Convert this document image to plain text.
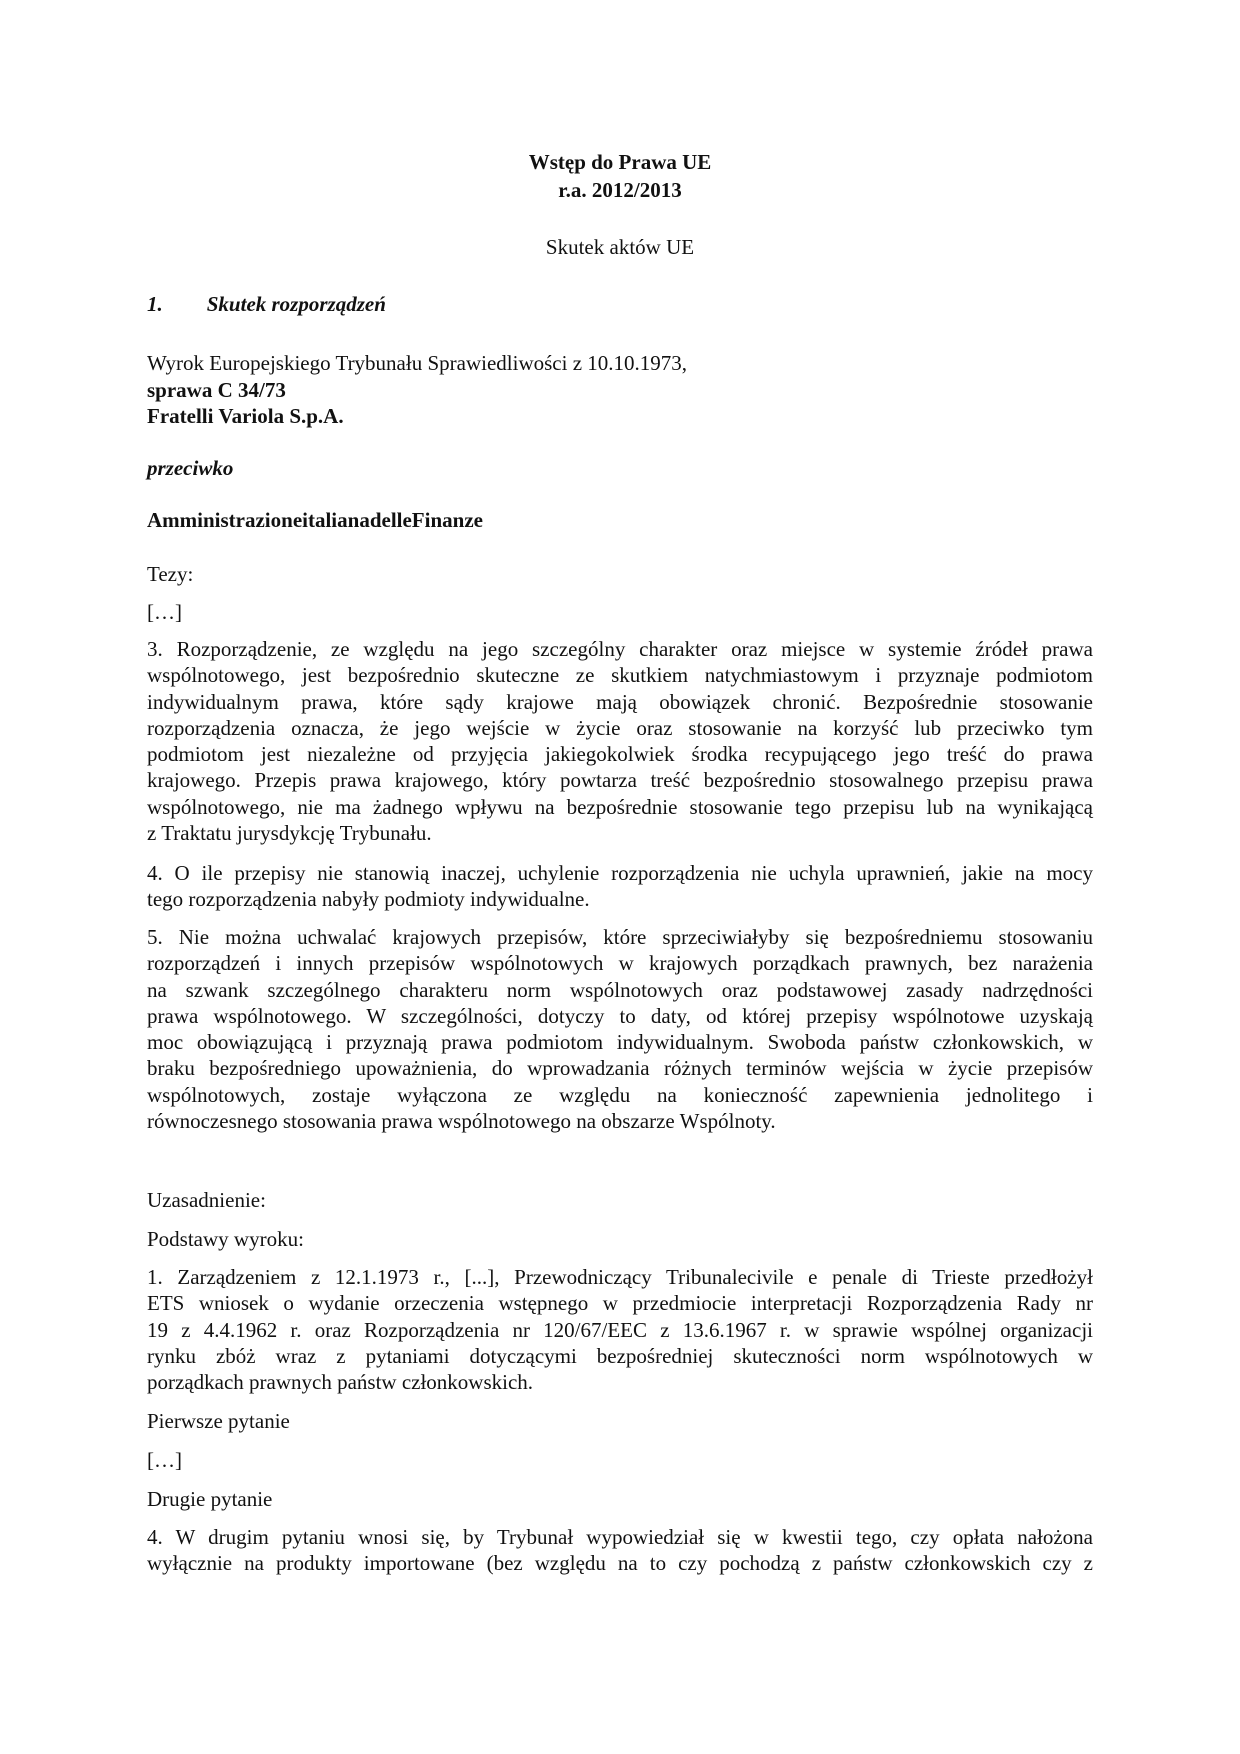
Wstęp do Prawa UE
r.a. 2012/2013
Skutek aktów UE
1. Skutek rozporządzeń
Wyrok Europejskiego Trybunału Sprawiedliwości z 10.10.1973,
sprawa C 34/73
Fratelli Variola S.p.A.
przeciwko
AmministrazioneitalianadelleFinanze
Tezy:
[…]
3. Rozporządzenie, ze względu na jego szczególny charakter oraz miejsce w systemie źródeł prawa
wspólnotowego, jest bezpośrednio skuteczne ze skutkiem natychmiastowym i przyznaje podmiotom
indywidualnym prawa, które sądy krajowe mają obowiązek chronić. Bezpośrednie stosowanie
rozporządzenia oznacza, że jego wejście w życie oraz stosowanie na korzyść lub przeciwko tym
podmiotom jest niezależne od przyjęcia jakiegokolwiek środka recypującego jego treść do prawa
krajowego. Przepis prawa krajowego, który powtarza treść bezpośrednio stosowalnego przepisu prawa
wspólnotowego, nie ma żadnego wpływu na bezpośrednie stosowanie tego przepisu lub na wynikającą
z Traktatu jurysdykcję Trybunału.
4. O ile przepisy nie stanowią inaczej, uchylenie rozporządzenia nie uchyla uprawnień, jakie na mocy
tego rozporządzenia nabyły podmioty indywidualne.
5. Nie można uchwalać krajowych przepisów, które sprzeciwiałyby się bezpośredniemu stosowaniu
rozporządzeń i innych przepisów wspólnotowych w krajowych porządkach prawnych, bez narażenia
na szwank szczególnego charakteru norm wspólnotowych oraz podstawowej zasady nadrzędności
prawa wspólnotowego. W szczególności, dotyczy to daty, od której przepisy wspólnotowe uzyskają
moc obowiązującą i przyznają prawa podmiotom indywidualnym. Swoboda państw członkowskich, w
braku bezpośredniego upoważnienia, do wprowadzania różnych terminów wejścia w życie przepisów
wspólnotowych, zostaje wyłączona ze względu na konieczność zapewnienia jednolitego i
równoczesnego stosowania prawa wspólnotowego na obszarze Wspólnoty.
Uzasadnienie:
Podstawy wyroku:
1. Zarządzeniem z 12.1.1973 r., [...], Przewodniczący Tribunalecivile e penale di Trieste przedłożył
ETS wniosek o wydanie orzeczenia wstępnego w przedmiocie interpretacji Rozporządzenia Rady nr
19 z 4.4.1962 r. oraz Rozporządzenia nr 120/67/EEC z 13.6.1967 r. w sprawie wspólnej organizacji
rynku zbóż wraz z pytaniami dotyczącymi bezpośredniej skuteczności norm wspólnotowych w
porządkach prawnych państw członkowskich.
Pierwsze pytanie
[…]
Drugie pytanie
4. W drugim pytaniu wnosi się, by Trybunał wypowiedział się w kwestii tego, czy opłata nałożona
wyłącznie na produkty importowane (bez względu na to czy pochodzą z państw członkowskich czy z
